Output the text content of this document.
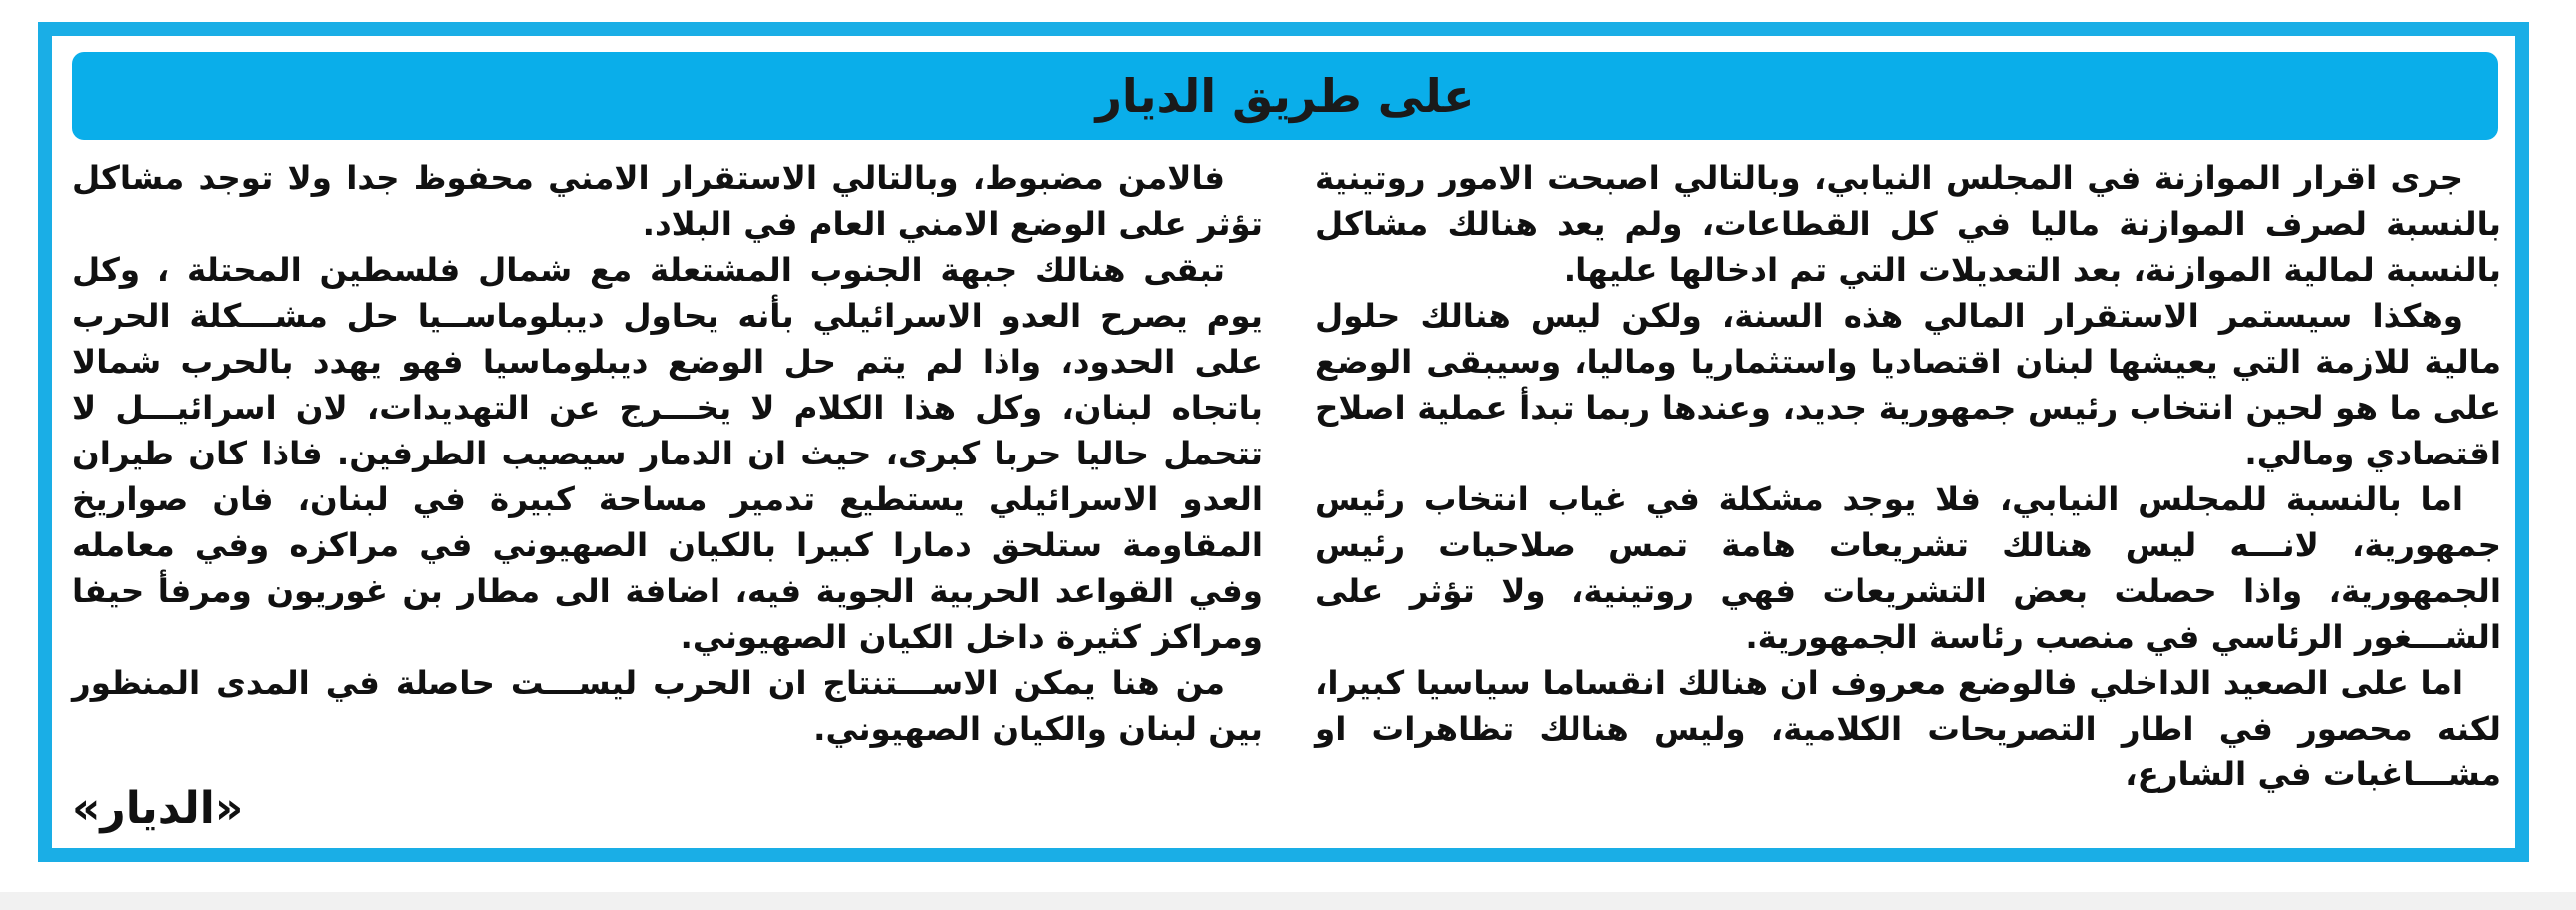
على طريق الديار

جرى اقرار الموازنة في المجلس النيابي، وبالتالي اصبحت الامور روتينية بالنسبة لصرف الموازنة ماليا في كل القطاعات، ولم يعد هنالك مشاكل بالنسبة لمالية الموازنة، بعد التعديلات التي تم ادخالها عليها.

وهكذا سيستمر الاستقرار المالي هذه السنة، ولكن ليس هنالك حلول مالية للازمة التي يعيشها لبنان اقتصاديا واستثماريا وماليا، وسيبقى الوضع على ما هو لحين انتخاب رئيس جمهورية جديد، وعندها ربما تبدأ عملية اصلاح اقتصادي ومالي.

اما بالنسبة للمجلس النيابي، فلا يوجد مشكلة في غياب انتخاب رئيس جمهورية، لانـــه ليس هنالك تشريعات هامة تمس صلاحيات رئيس الجمهورية، واذا حصلت بعض التشريعات فهي روتينية، ولا تؤثر على الشـــغور الرئاسي في منصب رئاسة الجمهورية.

اما على الصعيد الداخلي فالوضع معروف ان هنالك انقساما سياسيا كبيرا، لكنه محصور في اطار التصريحات الكلامية، وليس هنالك تظاهرات او مشـــاغبات في الشارع،

فالامن مضبوط، وبالتالي الاستقرار الامني محفوظ جدا ولا توجد مشاكل تؤثر على الوضع الامني العام في البلاد.

تبقى هنالك جبهة الجنوب المشتعلة مع شمال فلسطين المحتلة ، وكل يوم يصرح العدو الاسرائيلي بأنه يحاول ديبلوماســيا حل مشـــكلة الحرب على الحدود، واذا لم يتم حل الوضع ديبلوماسيا فهو يهدد بالحرب شمالا باتجاه لبنان، وكل هذا الكلام لا يخـــرج عن التهديدات، لان اسرائيـــل لا تتحمل حاليا حربا كبرى، حيث ان الدمار سيصيب الطرفين. فاذا كان طيران العدو الاسرائيلي يستطيع تدمير مساحة كبيرة في لبنان، فان صواريخ المقاومة ستلحق دمارا كبيرا بالكيان الصهيوني في مراكزه وفي معامله وفي القواعد الحربية الجوية فيه، اضافة الى مطار بن غوريون ومرفأ حيفا ومراكز كثيرة داخل الكيان الصهيوني.

من هنا يمكن الاســـتنتاج ان الحرب ليســـت حاصلة في المدى المنظور بين لبنان والكيان الصهيوني.

«الديار»
